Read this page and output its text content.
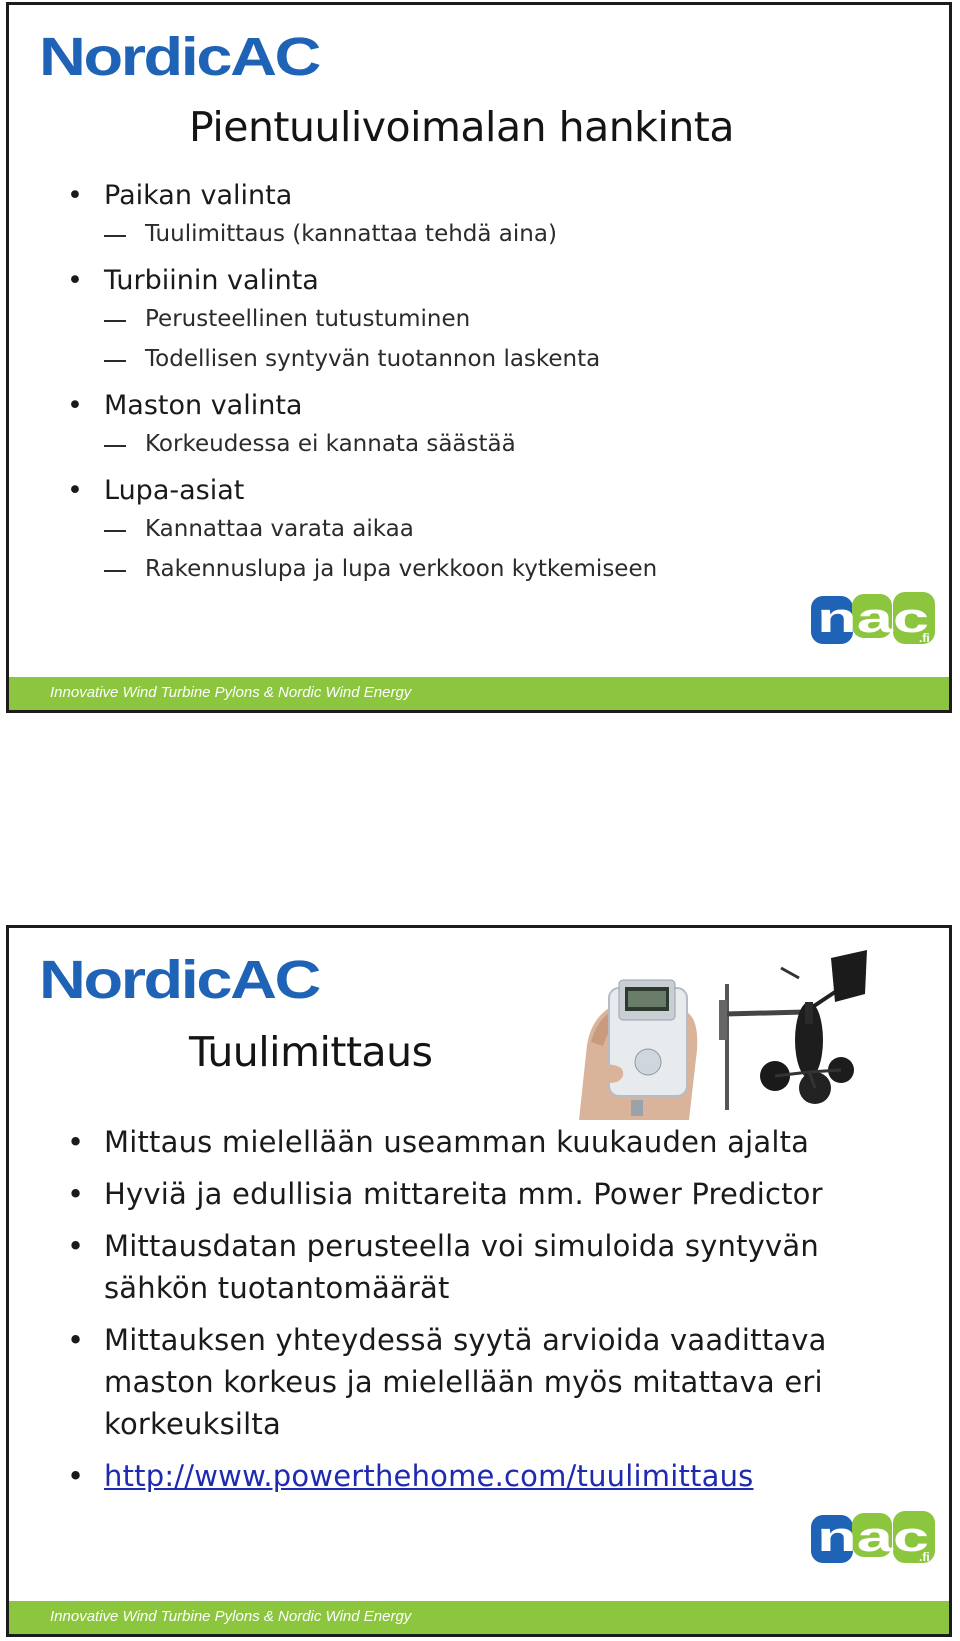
NordicAC
Pientuulivoimalan hankinta
• Paikan valinta
Tuulimittaus (kannattaa tehdä aina)
• Turbiinin valinta
Perusteellinen tutustuminen
Todellisen syntyvän tuotannon laskenta
• Maston valinta
Korkeudessa ei kannata säästää
• Lupa-asiat
Kannattaa varata aikaa
Rakennuslupa ja lupa verkkoon kytkemiseen
nac
.fi
Innovative Wind Turbine Pylons & Nordic Wind Energy
NordicAC
Tuulimittaus
• Mittaus mielellään useamman kuukauden ajalta
• Hyviä ja edullisia mittareita mm. Power Predictor
• Mittausdatan perusteella voi simuloida syntyvän sähkön tuotantomäärät
• Mittauksen yhteydessä syytä arvioida vaadittava maston korkeus ja mielellään myös mitattava eri korkeuksilta
• http://www.powerthehome.com/tuulimittaus
nac
.fi
Innovative Wind Turbine Pylons & Nordic Wind Energy
